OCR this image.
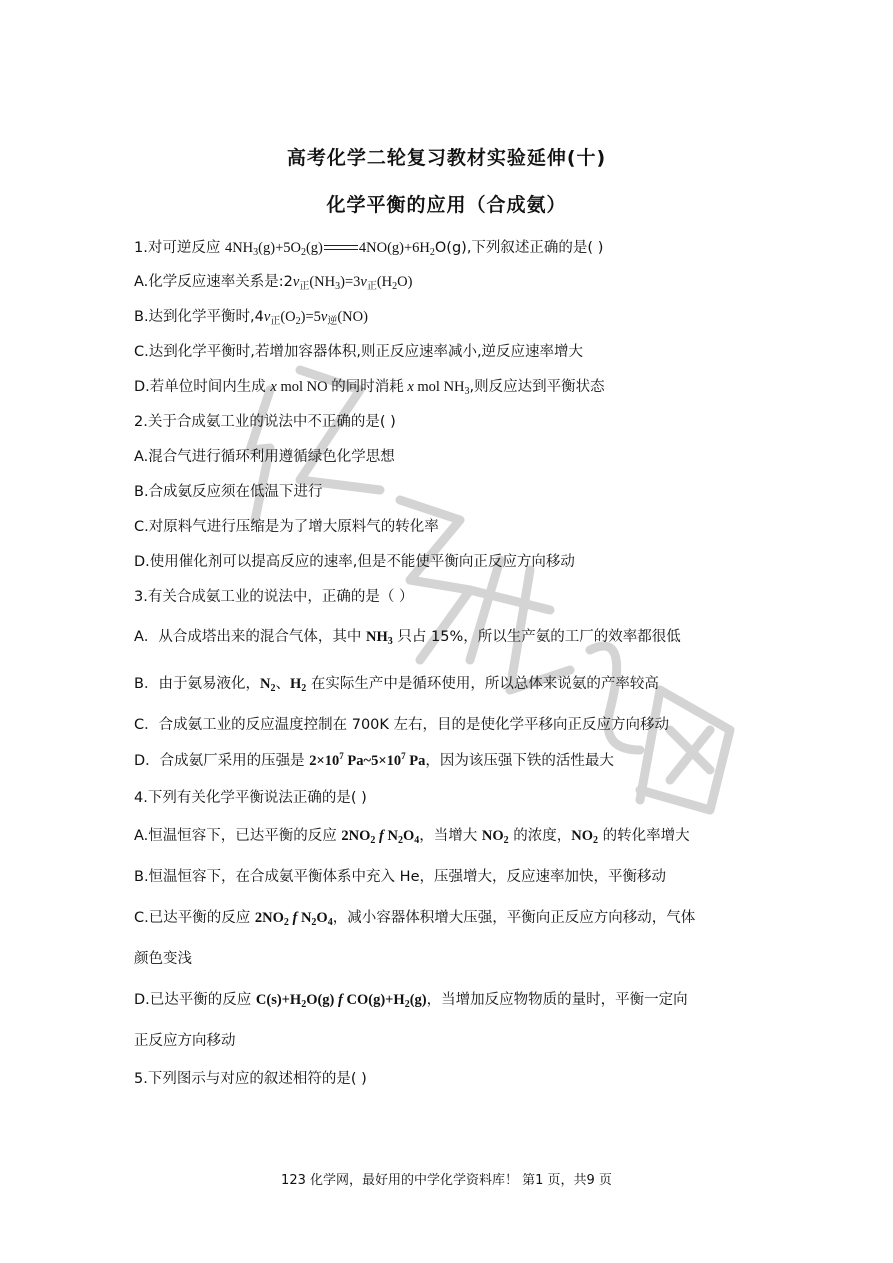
高考化学二轮复习教材实验延伸(十)
化学平衡的应用（合成氨）
1.对可逆反应 $4NH_3(g)+5O_2(g)$ $4NO(g)+6H_2O(g)$,下列叙述正确的是( )
A.化学反应速率关系是$:2v_正(NH_3)=3v_正(H_2O)$
B.达到化学平衡时$,4v_正(O_2)=5v_逆(NO)$
C.达到化学平衡时,若增加容器体积,则正反应速率减小,逆反应速率增大
D.若单位时间内生成 x mol NO 的同时消耗 x mol $NH_3$,则反应达到平衡状态
2.关于合成氨工业的说法中不正确的是( )
A.混合气进行循环利用遵循绿色化学思想
B.合成氨反应须在低温下进行
C.对原料气进行压缩是为了增大原料气的转化率
D.使用催化剂可以提高反应的速率,但是不能使平衡向正反应方向移动
3.有关合成氨工业的说法中，正确的是（ ）
A．从合成塔出来的混合气体，其中 $NH_3$ 只占 15%，所以生产氨的工厂的效率都很低
B．由于氨易液化，$N_2$、$H_2$ 在实际生产中是循环使用，所以总体来说氨的产率较高
C．合成氨工业的反应温度控制在 700K 左右，目的是使化学平移向正反应方向移动
D．合成氨厂采用的压强是 $2\times 10^7$ $Pa\sim 5\times 10^7$ Pa，因为该压强下铁的活性最大
4.下列有关化学平衡说法正确的是( )
A.恒温恒容下，已达平衡的反应 $2NO_2$ f $N_2O_4$，当增大 $NO_2$ 的浓度，$NO_2$ 的转化率增大
B.恒温恒容下，在合成氨平衡体系中充入 He，压强增大，反应速率加快，平衡移动
C.已达平衡的反应 $2NO_2$ f $N_2O_4$，减小容器体积增大压强，平衡向正反应方向移动，气体
颜色变浅
D.已达平衡的反应 $C(s)+H_2O(g)$ f $CO(g)+H_2(g)$，当增加反应物物质的量时，平衡一定向
正反应方向移动
5.下列图示与对应的叙述相符的是( )
123 化学网，最好用的中学化学资料库！ 第1 页，共9 页
